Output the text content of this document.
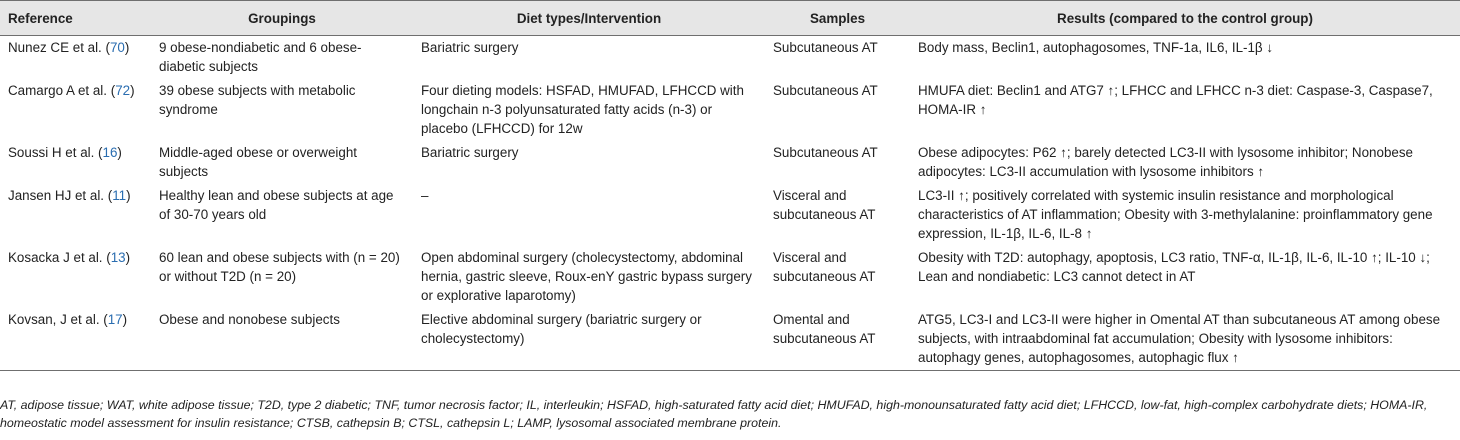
Reference	Groupings	Diet types/Intervention	Samples	Results (compared to the control group)
Nunez CE et al. (70)	9 obese-nondiabetic and 6 obese-diabetic subjects	Bariatric surgery	Subcutaneous AT	Body mass, Beclin1, autophagosomes, TNF-1a, IL6, IL-1β ↓
Camargo A et al. (72)	39 obese subjects with metabolic syndrome	Four dieting models: HSFAD, HMUFAD, LFHCCD with longchain n-3 polyunsaturated fatty acids (n-3) or placebo (LFHCCD) for 12w	Subcutaneous AT	HMUFA diet: Beclin1 and ATG7 ↑; LFHCC and LFHCC n-3 diet: Caspase-3, Caspase7, HOMA-IR ↑
Soussi H et al. (16)	Middle-aged obese or overweight subjects	Bariatric surgery	Subcutaneous AT	Obese adipocytes: P62 ↑; barely detected LC3-II with lysosome inhibitor; Nonobese adipocytes: LC3-II accumulation with lysosome inhibitors ↑
Jansen HJ et al. (11)	Healthy lean and obese subjects at age of 30-70 years old	–	Visceral and subcutaneous AT	LC3-II ↑; positively correlated with systemic insulin resistance and morphological characteristics of AT inflammation; Obesity with 3-methylalanine: proinflammatory gene expression, IL-1β, IL-6, IL-8 ↑
Kosacka J et al. (13)	60 lean and obese subjects with (n = 20) or without T2D (n = 20)	Open abdominal surgery (cholecystectomy, abdominal hernia, gastric sleeve, Roux-enY gastric bypass surgery or explorative laparotomy)	Visceral and subcutaneous AT	Obesity with T2D: autophagy, apoptosis, LC3 ratio, TNF-α, IL-1β, IL-6, IL-10 ↑; IL-10 ↓; Lean and nondiabetic: LC3 cannot detect in AT
Kovsan, J et al. (17)	Obese and nonobese subjects	Elective abdominal surgery (bariatric surgery or cholecystectomy)	Omental and subcutaneous AT	ATG5, LC3-I and LC3-II were higher in Omental AT than subcutaneous AT among obese subjects, with intraabdominal fat accumulation; Obesity with lysosome inhibitors: autophagy genes, autophagosomes, autophagic flux ↑
AT, adipose tissue; WAT, white adipose tissue; T2D, type 2 diabetic; TNF, tumor necrosis factor; IL, interleukin; HSFAD, high-saturated fatty acid diet; HMUFAD, high-monounsaturated fatty acid diet; LFHCCD, low-fat, high-complex carbohydrate diets; HOMA-IR, homeostatic model assessment for insulin resistance; CTSB, cathepsin B; CTSL, cathepsin L; LAMP, lysosomal associated membrane protein.
